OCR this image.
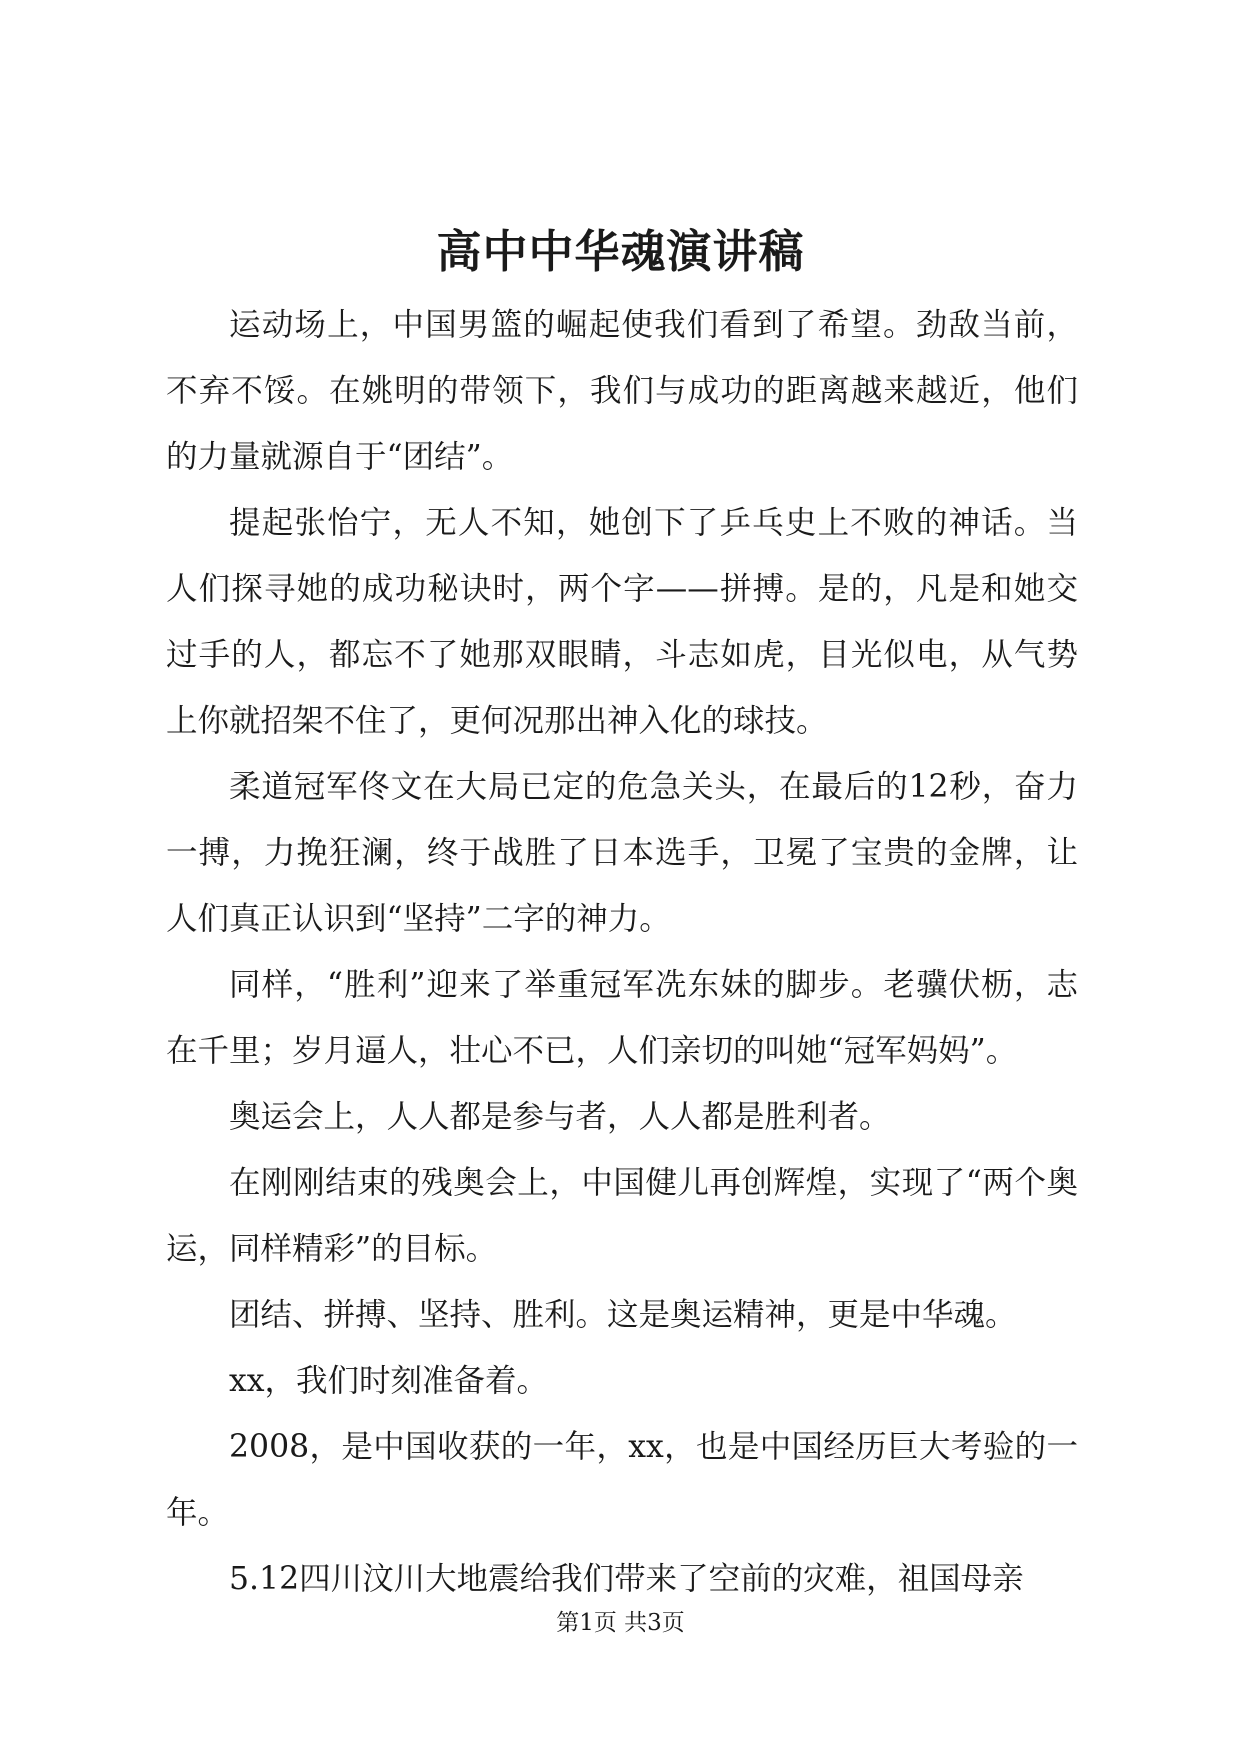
高中中华魂演讲稿

运动场上，中国男篮的崛起使我们看到了希望。劲敌当前，不弃不馁。在姚明的带领下，我们与成功的距离越来越近，他们的力量就源自于“团结”。

提起张怡宁，无人不知，她创下了乒乓史上不败的神话。当人们探寻她的成功秘诀时，两个字——拼搏。是的，凡是和她交过手的人，都忘不了她那双眼睛，斗志如虎，目光似电，从气势上你就招架不住了，更何况那出神入化的球技。

柔道冠军佟文在大局已定的危急关头，在最后的12秒，奋力一搏，力挽狂澜，终于战胜了日本选手，卫冕了宝贵的金牌，让人们真正认识到“坚持”二字的神力。

同样，“胜利”迎来了举重冠军冼东妹的脚步。老骥伏枥，志在千里；岁月逼人，壮心不已，人们亲切的叫她“冠军妈妈”。

奥运会上，人人都是参与者，人人都是胜利者。

在刚刚结束的残奥会上，中国健儿再创辉煌，实现了“两个奥运，同样精彩”的目标。

团结、拼搏、坚持、胜利。这是奥运精神，更是中华魂。

xx，我们时刻准备着。

2008，是中国收获的一年，xx，也是中国经历巨大考验的一年。

5.12四川汶川大地震给我们带来了空前的灾难，祖国母亲

第1页 共3页
